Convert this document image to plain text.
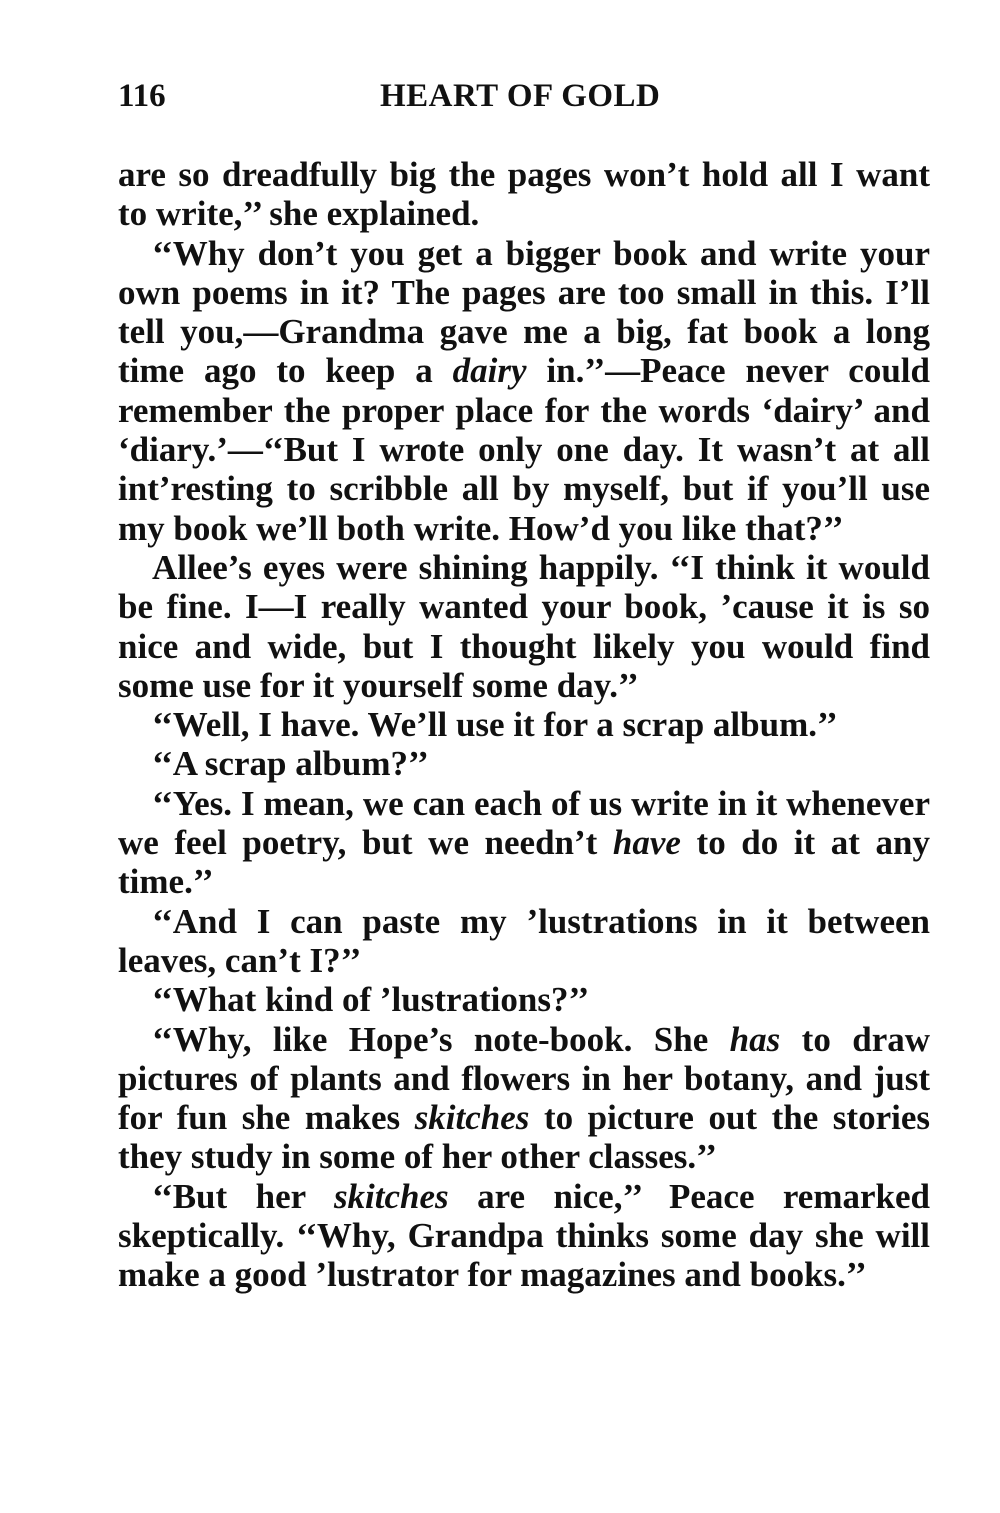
116	HEART OF GOLD

are so dreadfully big the pages won’t hold all I want to write,’’ she explained.

‘‘Why don’t you get a bigger book and write your own poems in it? The pages are too small in this. I’ll tell you,—Grandma gave me a big, fat book a long time ago to keep a dairy in.’’—Peace never could remember the proper place for the words ‘dairy’ and ‘diary.’—‘‘But I wrote only one day. It wasn’t at all int’resting to scribble all by myself, but if you’ll use my book we’ll both write. How’d you like that?’’

Allee’s eyes were shining happily. ‘‘I think it would be fine. I—I really wanted your book, ’cause it is so nice and wide, but I thought likely you would find some use for it yourself some day.’’

‘‘Well, I have. We’ll use it for a scrap album.’’

‘‘A scrap album?’’

‘‘Yes. I mean, we can each of us write in it whenever we feel poetry, but we needn’t have to do it at any time.’’

‘‘And I can paste my ’lustrations in it between leaves, can’t I?’’

‘‘What kind of ’lustrations?’’

‘‘Why, like Hope’s note-book. She has to draw pictures of plants and flowers in her botany, and just for fun she makes skitches to picture out the stories they study in some of her other classes.’’

‘‘But her skitches are nice,’’ Peace remarked skeptically. ‘‘Why, Grandpa thinks some day she will make a good ’lustrator for magazines and books.’’
